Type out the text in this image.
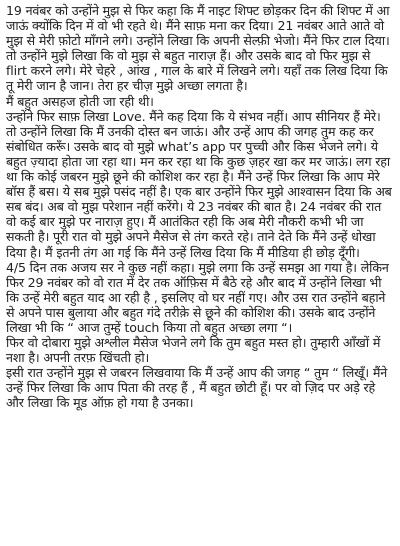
19 नवंबर को उन्होंने मुझ से फिर कहा कि मैं नाइट शिफ्ट छोड़कर दिन की शिफ्ट में आ जाऊं क्योंकि दिन में वो भी रहते थे। मैंने साफ़ मना कर दिया। 21 नवंबर आते आते वो मुझ से मेरी फ़ोटो माँगने लगे। उन्होंने लिखा कि अपनी सेल्फ़ी भेजो। मैंने फिर टाल दिया। तो उन्होंने मुझे लिखा कि वो मुझ से बहुत नाराज़ हैं। और उसके बाद वो फिर मुझ से flirt करने लगे। मेरे चेहरे , आंख , गाल के बारे में लिखने लगे। यहाँ तक लिख दिया कि तू मेरी जान है जान। तेरा हर चीज़ मुझे अच्छा लगता है।

मैं बहुत असहज होती जा रही थी।

उन्होंने फिर साफ़ लिखा Love. मैंने कह दिया कि ये संभव नहीं। आप सीनियर हैं मेरे। तो उन्होंने लिखा कि मैं उनकी दोस्त बन जाऊं। और उन्हें आप की जगह तुम कह कर संबोधित करूँ। उसके बाद वो मुझे what’s app पर पुच्ची और किस भेजने लगे। ये बहुत ज़्यादा होता जा रहा था। मन कर रहा था कि कुछ ज़हर खा कर मर जाऊं। लग रहा था कि कोई जबरन मुझे छूने की कोशिश कर रहा है। मैंने उन्हें फिर लिखा कि आप मेरे बॉस हैं बस। ये सब मुझे पसंद नहीं है। एक बार उन्होंने फिर मुझे आश्वासन दिया कि अब सब बंद। अब वो मुझ परेशान नहीं करेंगे। ये 23 नवंबर की बात है। 24 नवंबर की रात वो कई बार मुझे पर नाराज़ हुए। मैं आतंकित रही कि अब मेरी नौकरी कभी भी जा सकती है। पूरी रात वो मुझे अपने मैसेज से तंग करते रहे। ताने देते कि मैंने उन्हें धोखा दिया है। मैं इतनी तंग आ गई कि मैंने उन्हें लिख दिया कि मैं मीडिया ही छोड़ दूँगी।

4/5 दिन तक अजय सर ने कुछ नहीं कहा। मुझे लगा कि उन्हें समझ आ गया है। लेकिन फिर 29 नवंबर को वो रात में देर तक ऑफ़िस में बैठे रहे और बाद में उन्होंने लिखा भी कि उन्हें मेरी बहुत याद आ रही है , इसलिए वो घर नहीं गए। और उस रात उन्होंने बहाने से अपने पास बुलाया और बहुत गंदे तरीक़े से छूने की कोशिश की। उसके बाद उन्होंने लिखा भी कि “ आज तुम्हें touch किया तो बहुत अच्छा लगा “।

फिर वो दोबारा मुझे अश्लील मैसेज भेजने लगे कि तुम बहुत मस्त हो। तुम्हारी आँखों में नशा है। अपनी तरफ़ खिंचती हो।

इसी रात उन्होंने मुझ से जबरन लिखवाया कि मैं उन्हें आप की जगह “ तुम “ लिखूँ। मैंने उन्हें फिर लिखा कि आप पिता की तरह हैं , मैं बहुत छोटी हूँ। पर वो ज़िद पर अड़े रहे और लिखा कि मूड ऑफ़ हो गया है उनका।
